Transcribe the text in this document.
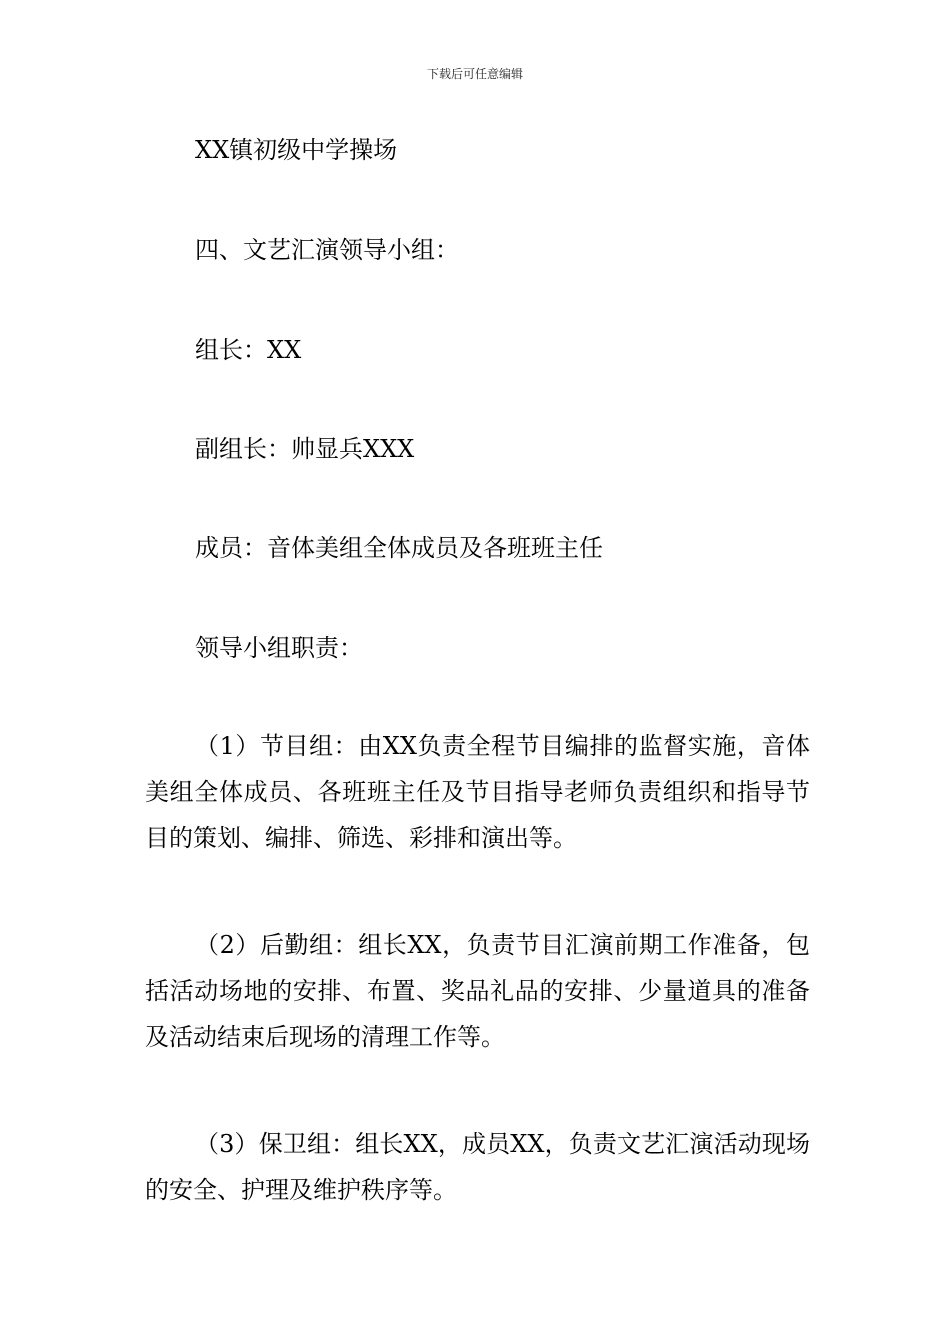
下载后可任意编辑
XX镇初级中学操场
四、文艺汇演领导小组：
组长：XX
副组长：帅显兵XXX
成员：音体美组全体成员及各班班主任
领导小组职责：

（1）节目组：由XX负责全程节目编排的监督实施，音体美组全体成员、各班班主任及节目指导老师负责组织和指导节目的策划、编排、筛选、彩排和演出等。

（2）后勤组：组长XX，负责节目汇演前期工作准备，包括活动场地的安排、布置、奖品礼品的安排、少量道具的准备及活动结束后现场的清理工作等。

（3）保卫组：组长XX，成员XX，负责文艺汇演活动现场的安全、护理及维护秩序等。
